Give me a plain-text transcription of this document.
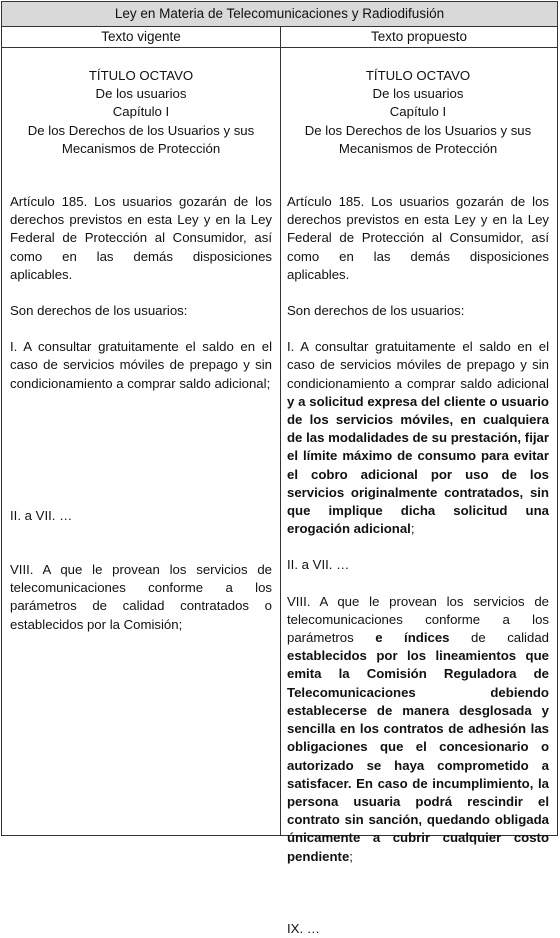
Ley en Materia de Telecomunicaciones y Radiodifusión
Texto vigente	Texto propuesto
TÍTULO OCTAVO
De los usuarios
Capítulo I
De los Derechos de los Usuarios y sus
Mecanismos de Protección

Artículo 185. Los usuarios gozarán de los derechos previstos en esta Ley y en la Ley Federal de Protección al Consumidor, así como en las demás disposiciones aplicables.

Son derechos de los usuarios:

I. A consultar gratuitamente el saldo en el caso de servicios móviles de prepago y sin condicionamiento a comprar saldo adicional;

II. a VII. …

VIII. A que le provean los servicios de telecomunicaciones conforme a los parámetros de calidad contratados o establecidos por la Comisión;

TÍTULO OCTAVO
De los usuarios
Capítulo I
De los Derechos de los Usuarios y sus
Mecanismos de Protección

Artículo 185. Los usuarios gozarán de los derechos previstos en esta Ley y en la Ley Federal de Protección al Consumidor, así como en las demás disposiciones aplicables.

Son derechos de los usuarios:

I. A consultar gratuitamente el saldo en el caso de servicios móviles de prepago y sin condicionamiento a comprar saldo adicional y a solicitud expresa del cliente o usuario de los servicios móviles, en cualquiera de las modalidades de su prestación, fijar el límite máximo de consumo para evitar el cobro adicional por uso de los servicios originalmente contratados, sin que implique dicha solicitud una erogación adicional;

II. a VII. …

VIII. A que le provean los servicios de telecomunicaciones conforme a los parámetros e índices de calidad establecidos por los lineamientos que emita la Comisión Reguladora de Telecomunicaciones debiendo establecerse de manera desglosada y sencilla en los contratos de adhesión las obligaciones que el concesionario o autorizado se haya comprometido a satisfacer. En caso de incumplimiento, la persona usuaria podrá rescindir el contrato sin sanción, quedando obligada únicamente a cubrir cualquier costo pendiente;

IX. …
